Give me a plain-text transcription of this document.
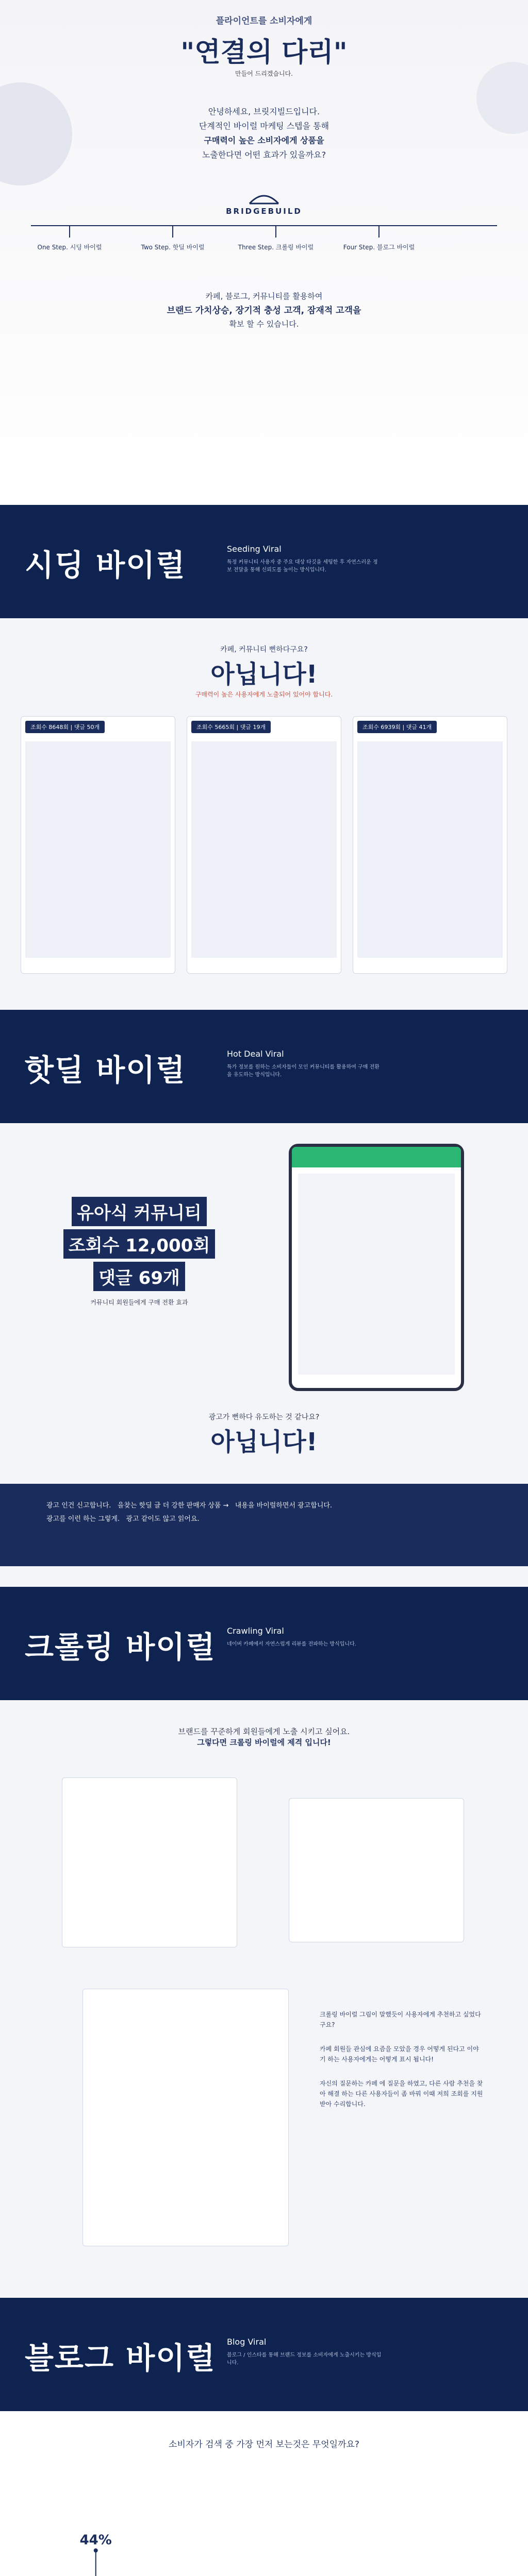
플라이언트를 소비자에게
"연결의 다리"
만들어 드리겠습니다.
안녕하세요, 브릿지빌드입니다.
단계적인 바이럴 마케팅 스텝을 통해
구매력이 높은 소비자에게 상품을
노출한다면 어떤 효과가 있을까요?
BRIDGEBUILD
One Step. 시딩 바이럴	Two Step. 핫딜 바이럴	Three Step. 크롤링 바이럴	Four Step. 블로그 바이럴
카페, 블로그, 커뮤니티를 활용하여
브랜드 가치상승, 장기적 충성 고객, 잠재적 고객을
확보 할 수 있습니다.
시딩 바이럴	Seeding Viral
특정 커뮤니티 사용자 중 주요 대상 타깃을 세팅한 후 자연스러운 정보 전달을 통해 신뢰도를 높이는 방식입니다.
카페, 커뮤니티 뻔하다구요?
아닙니다!
구매력이 높은 사용자에게 노출되어 있어야 합니다.
조회수 8648회 | 댓글 50개	조회수 5665회 | 댓글 19개	조회수 6939회 | 댓글 41개
핫딜 바이럴	Hot Deal Viral
특가 정보를 원하는 소비자들이 모인 커뮤니티를 활용하여 구매 전환을 유도하는 방식입니다.
유아식 커뮤니티
조회수 12,000회
댓글 69개
커뮤니티 회원들에게 구매 전환 효과
광고가 뻔하다 유도하는 것 같나요?
아닙니다!
광고 인건 신고합니다. 을찾는 핫딜 글 더 강한 판매자 상품 → 내용을 바이럴하면서 광고합니다.
광고를 이런 하는 그렇게. 광고 같이도 않고 읽어요.
크롤링 바이럴 Crawling Viral
네이버 카페에서 자연스럽게 리뷰를 전파하는 방식입니다.
브랜드를 꾸준하게 회원들에게 노출 시키고 싶어요.
그렇다면 크롤링 바이럴에 제격 입니다!

크롤링 바이럴 그림이 말했듯이 사용자에게 추천하고 싶었다구요?

카페 회원들 관심에 요즘을 모았을 경우 어떻게 된다고 이야기 하는 사용자에게는 어떻게 표시 됩니다!

자신의 질문하는 카페 에 질문을 하였고, 다른 사람 추천을 찾아 해결 하는 다른 사용자들이 좀 바꿔 이때 저희 조회를 지원 받아 수리합니다.

블로그 바이럴 Blog Viral
블로그 / 인스타를 통해 브랜드 정보를 소비자에게 노출시키는 방식입니다.
소비자가 검색 중 가장 먼저 보는것은 무엇일까요?
44%
